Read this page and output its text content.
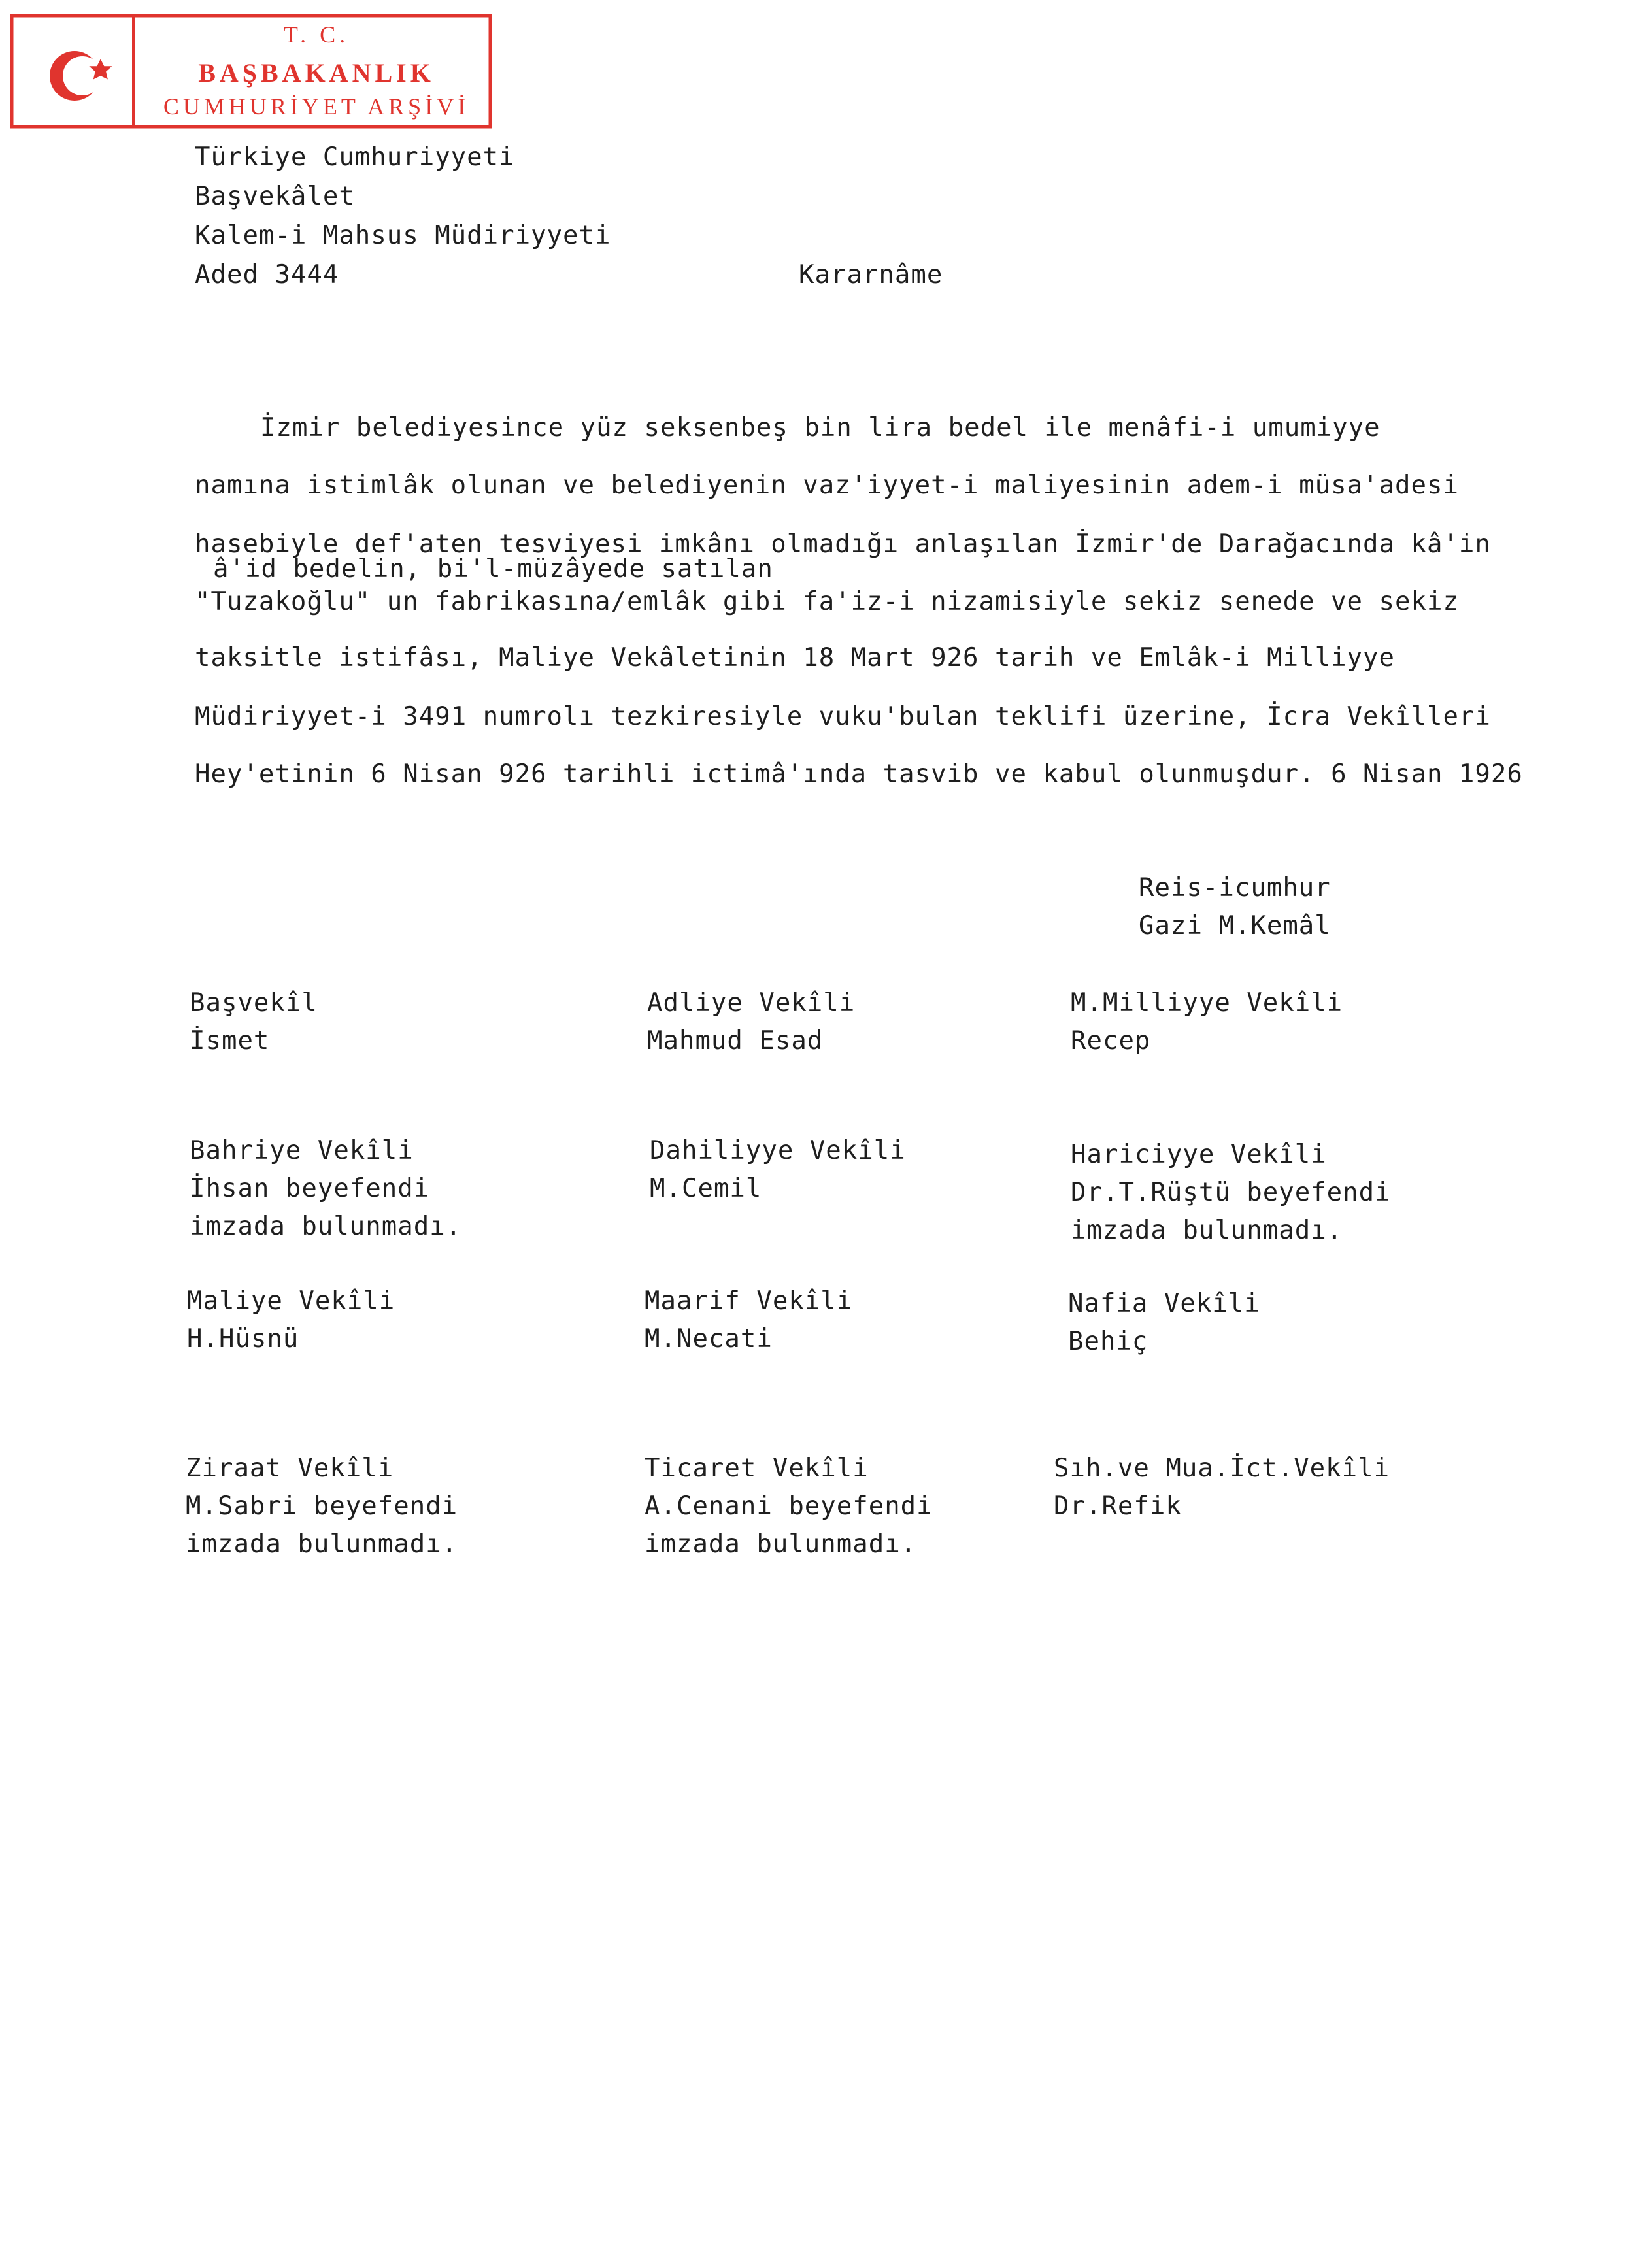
T. C.
BAŞBAKANLIK
CUMHURİYET ARŞİVİ
Türkiye Cumhuriyyeti
Başvekâlet
Kalem-i Mahsus Müdiriyyeti
Aded 3444	Kararnâme
İzmir belediyesince yüz seksenbeş bin lira bedel ile menâfi-i umumiyye
namına istimlâk olunan ve belediyenin vaz'iyyet-i maliyesinin adem-i müsa'adesi
hasebiyle def'aten tesviyesi imkânı olmadığı anlaşılan İzmir'de Darağacında kâ'in
â'id bedelin, bi'l-müzâyede satılan
"Tuzakoğlu" un fabrikasına/emlâk gibi fa'iz-i nizamisiyle sekiz senede ve sekiz
taksitle istifâsı, Maliye Vekâletinin 18 Mart 926 tarih ve Emlâk-i Milliyye
Müdiriyyet-i 3491 numrolı tezkiresiyle vuku'bulan teklifi üzerine, İcra Vekîlleri
Hey'etinin 6 Nisan 926 tarihli ictimâ'ında tasvib ve kabul olunmuşdur. 6 Nisan 1926
Reis-icumhur
Gazi M.Kemâl
Başvekîl
İsmet
Adliye Vekîli
Mahmud Esad
M.Milliyye Vekîli
Recep
Bahriye Vekîli
İhsan beyefendi
imzada bulunmadı.
Dahiliyye Vekîli
M.Cemil
Hariciyye Vekîli
Dr.T.Rüştü beyefendi
imzada bulunmadı.
Maliye Vekîli
H.Hüsnü
Maarif Vekîli
M.Necati
Nafia Vekîli
Behiç
Ziraat Vekîli
M.Sabri beyefendi
imzada bulunmadı.
Ticaret Vekîli
A.Cenani beyefendi
imzada bulunmadı.
Sıh.ve Mua.İct.Vekîli
Dr.Refik
